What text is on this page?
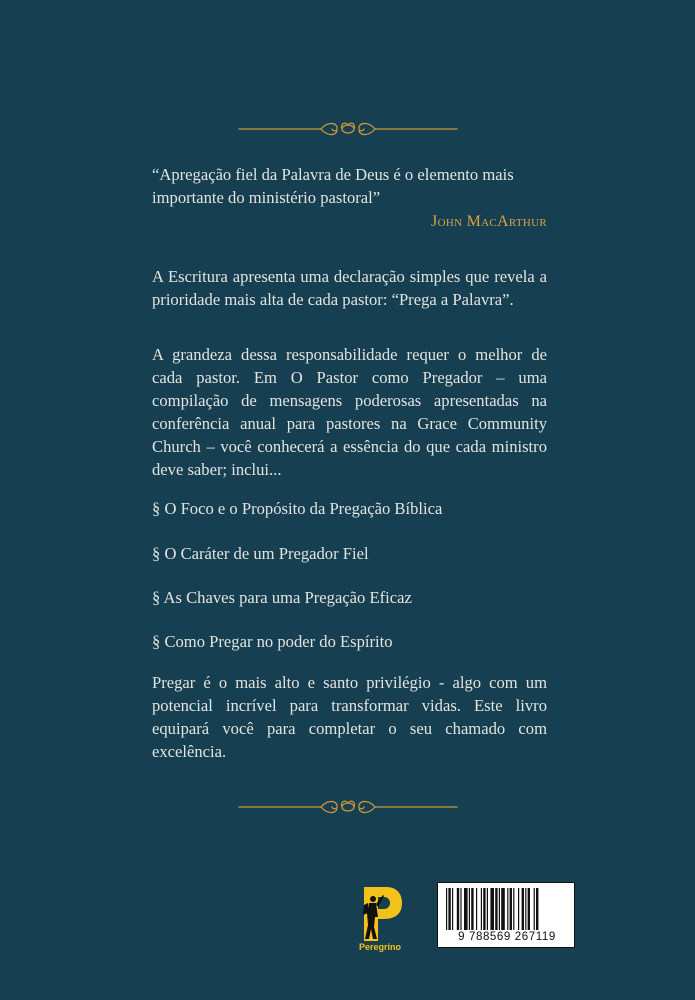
“Apregação fiel da Palavra de Deus é o elemento mais importante do ministério pastoral”

John MacArthur

A Escritura apresenta uma declaração simples que revela a prioridade mais alta de cada pastor: “Prega a Palavra”.

A grandeza dessa responsabilidade requer o melhor de cada pastor. Em O Pastor como Pregador – uma compilação de mensagens poderosas apresentadas na conferência anual para pastores na Grace Community Church – você conhecerá a essência do que cada ministro deve saber; inclui...

§ O Foco e o Propósito da Pregação Bíblica
§ O Caráter de um Pregador Fiel
§ As Chaves para uma Pregação Eficaz
§ Como Pregar no poder do Espírito

Pregar é o mais alto e santo privilégio - algo com um potencial incrível para transformar vidas. Este livro equipará você para completar o seu chamado com excelência.

Peregrino
9 788569 267119
